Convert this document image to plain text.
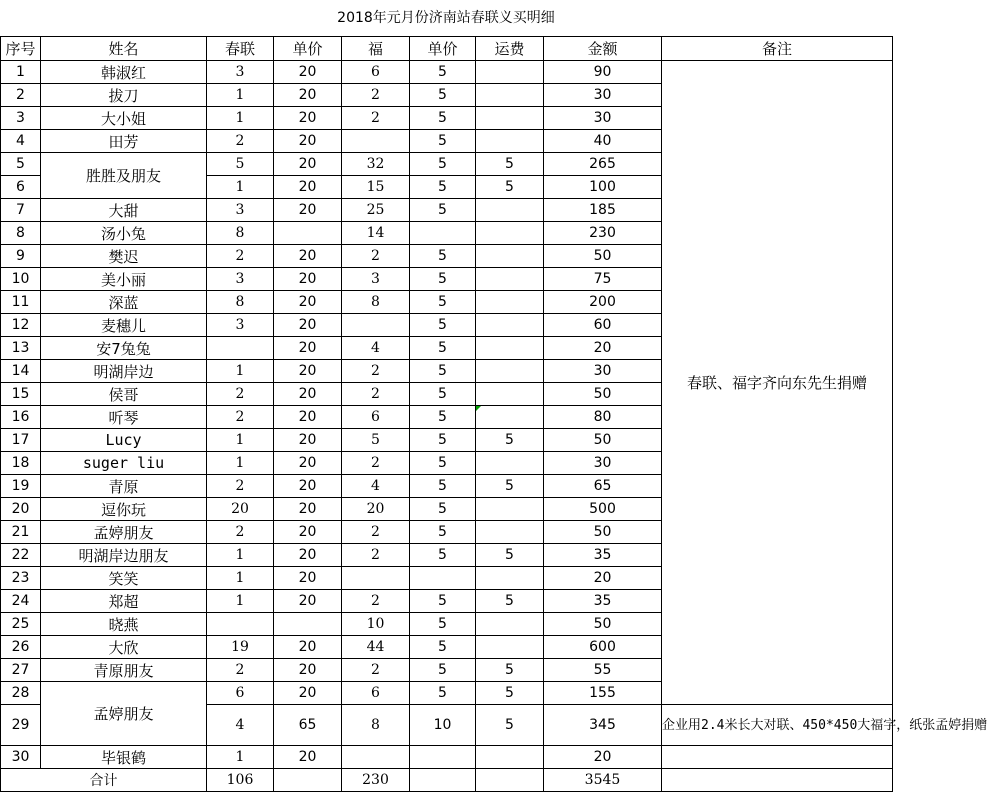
2018年元月份济南站春联义买明细
序号	姓名	春联	单价	福	单价	运费	金额	备注
1	韩淑红	3	20	6	5		90	春联、福字齐向东先生捐赠
2	拔刀	1	20	2	5		30	
3	大小姐	1	20	2	5		30	
4	田芳	2	20		5		40	
5	胜胜及朋友	5	20	32	5	5	265	
6		1	20	15	5	5	100	
7	大甜	3	20	25	5		185	
8	汤小兔	8		14			230	
9	樊迟	2	20	2	5		50	
10	美小丽	3	20	3	5		75	
11	深蓝	8	20	8	5		200	
12	麦穗儿	3	20		5		60	
13	安7兔兔		20	4	5		20	
14	明湖岸边	1	20	2	5		30	
15	侯哥	2	20	2	5		50	
16	听琴	2	20	6	5		80	
17	Lucy	1	20	5	5	5	50	
18	suger liu	1	20	2	5		30	
19	青原	2	20	4	5	5	65	
20	逗你玩	20	20	20	5		500	
21	孟婷朋友	2	20	2	5		50	
22	明湖岸边朋友	1	20	2	5	5	35	
23	笑笑	1	20				20	
24	郑超	1	20	2	5	5	35	
25	晓燕			10	5		50	
26	大欣	19	20	44	5		600	
27	青原朋友	2	20	2	5	5	55	
28	孟婷朋友	6	20	6	5	5	155	
29		4	65	8	10	5	345	企业用2.4米长大对联、450*450大福字，纸张孟婷捐赠
30	毕银鹤	1	20				20	
合计		106		230			3545	
